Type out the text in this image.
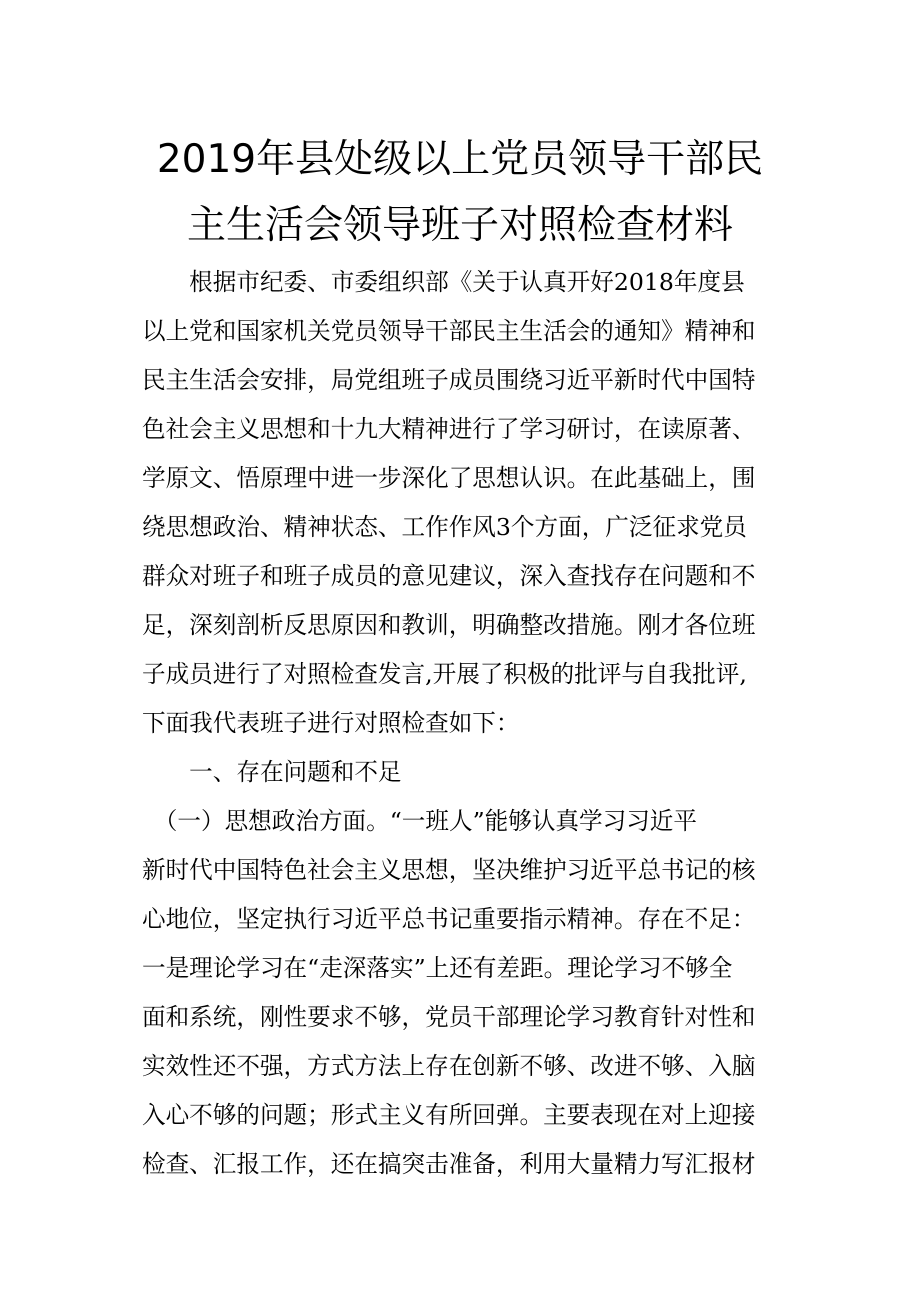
2019年县处级以上党员领导干部民
主生活会领导班子对照检查材料
　　根据市纪委、市委组织部《关于认真开好2018年度县
以上党和国家机关党员领导干部民主生活会的通知》精神和
民主生活会安排，局党组班子成员围绕习近平新时代中国特
色社会主义思想和十九大精神进行了学习研讨，在读原著、
学原文、悟原理中进一步深化了思想认识。在此基础上，围
绕思想政治、精神状态、工作作风3个方面，广泛征求党员
群众对班子和班子成员的意见建议，深入查找存在问题和不
足，深刻剖析反思原因和教训，明确整改措施。刚才各位班
子成员进行了对照检查发言,开展了积极的批评与自我批评,
下面我代表班子进行对照检查如下：
　　一、存在问题和不足
　（一）思想政治方面。“一班人”能够认真学习习近平
新时代中国特色社会主义思想，坚决维护习近平总书记的核
心地位，坚定执行习近平总书记重要指示精神。存在不足：
一是理论学习在“走深落实”上还有差距。理论学习不够全
面和系统，刚性要求不够，党员干部理论学习教育针对性和
实效性还不强，方式方法上存在创新不够、改进不够、入脑
入心不够的问题；形式主义有所回弹。主要表现在对上迎接
检查、汇报工作，还在搞突击准备，利用大量精力写汇报材
